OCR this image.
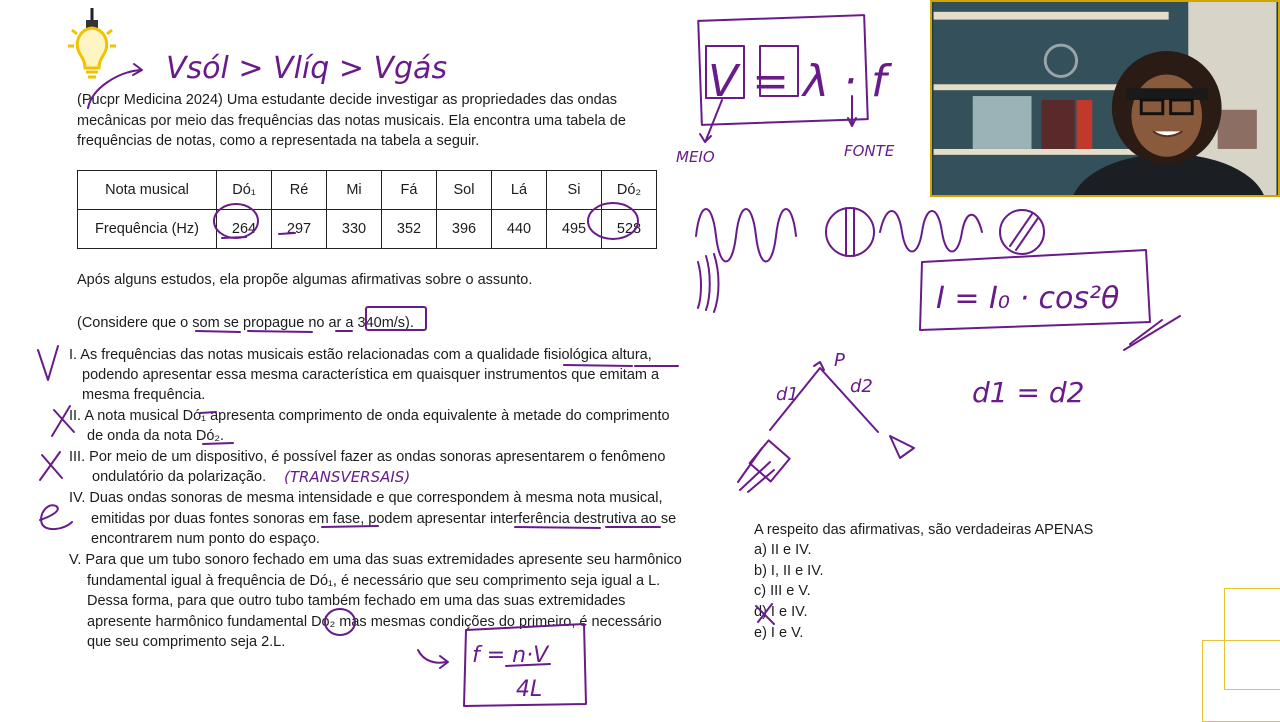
(Pucpr Medicina 2024) Uma estudante decide investigar as propriedades das ondas
mecânicas por meio das frequências das notas musicais. Ela encontra uma tabela de
frequências de notas, como a representada na tabela a seguir.
Nota musical	Dó₁	Ré	Mi	Fá	Sol	Lá	Si	Dó₂
Frequência (Hz)	264	297	330	352	396	440	495	528
Após alguns estudos, ela propõe algumas afirmativas sobre o assunto.
(Considere que o som se propague no ar a 340m/s).
I. As frequências das notas musicais estão relacionadas com a qualidade fisiológica altura,
podendo apresentar essa mesma característica em quaisquer instrumentos que emitam a
mesma frequência.
II. A nota musical Dó₁ apresenta comprimento de onda equivalente à metade do comprimento
de onda da nota Dó₂.
III. Por meio de um dispositivo, é possível fazer as ondas sonoras apresentarem o fenômeno
ondulatório da polarização.
IV. Duas ondas sonoras de mesma intensidade e que correspondem à mesma nota musical,
emitidas por duas fontes sonoras em fase, podem apresentar interferência destrutiva ao se
encontrarem num ponto do espaço.
V. Para que um tubo sonoro fechado em uma das suas extremidades apresente seu harmônico
fundamental igual à frequência de Dó₁, é necessário que seu comprimento seja igual a L.
Dessa forma, para que outro tubo também fechado em uma das suas extremidades
apresente harmônico fundamental Dó₂ mas mesmas condições do primeiro, é necessário
que seu comprimento seja 2.L.
A respeito das afirmativas, são verdadeiras APENAS
a) II e IV.
b) I, II e IV.
c) III e V.
d) I e IV.
e) I e V.
Vsól > Vlíq > Vgás	V = λ · f
MEIO	FONTE
I = I₀ · cos²θ
(TRANSVERSAIS)
P
d1	d2	d1 = d2
f = n·V
4L
